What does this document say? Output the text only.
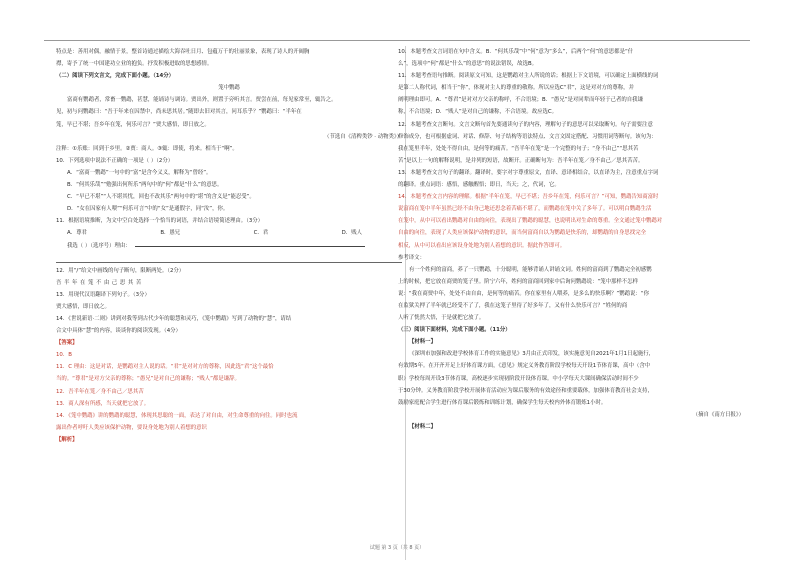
特点是：善用对偶，融情于景，整首诗通过描绘大海吞吐日月、包蕴万千的壮丽景象，表现了诗人的开阔胸
襟，寄予了统一中国建功立业的抱负。抒发积极进取的思想感情。
（二）阅读下列文言文，完成下面小题。（14分）
笼中鹦鹉
富商有鹦鹉者，常畜一鹦鹉，甚慧，能诵诗与调诗。贾出外，则置于旁听其言。贾尝在前，每见家常至，辄告之。
见，初与问鹦鹉曰：“吾于年来在囚禁中，尚未思其居。”随即去旧对其言，问耳乐乎？”鹦鹉曰：“半年在
笼，早已不堪；吾乡年在笼，何乐可言？”贾大感悟，即日放之。
（节选自《清稗类钞 · 动物类》）
注释：①乐账：回到于乡里。②贾：商人。③辄：即使，将来。相当于“啊”。
10．下列选项中说法不正确的一项是（ ）（2分）
A．“富商一鹦鹉”一句中的“富”是含今义义，解释为“曾经”。
B．“何其乐哉”“勉强出何所乐”两句中的“何”都是“什么”的意思。
C．“早已不堪”“人不堪其忧，回也不改其乐”两句中的“堪”的含义是“能忍受”。
D．“女在囚家有人喂”“何乐可言”中的“女”是通假字，同“汝”，你。
11．根据语境推断，为文中空白处选择一个恰当的词语，并结合语境简述理由。（3分）
A．尊君	B．愚兄	C．君	D．贱人
我选（ ）（选序号）理由：
12．用“/”给文中画线的句子断句，限断两处。（2分）
吾半年在笼不由己思其苦
13．用现代汉语翻译下列句子。（3分）
贾大感悟，即日放之。
14．《世说新语·二则》讲到对我等到古代少年的聪慧和灵巧，《笼中鹦鹉》写到了动物的“慧”，请结
合文中具体“慧”的内容，谈谈你的阅读发现。（4分）
【答案】
10．B
11．C 理由：这是对话，是鹦鹉对主人说的话。“君”是对对方的尊称，因此选“君”这个最恰
当的。“尊君”是对方父亲的尊称；“愚兄”是对自己的谦称；“贱人”都是谦辞。
12．吾半年在笼／身不由己／思其苦
13．商人深有所感，当天就把它放了。
14．《笼中鹦鹉》讲的鹦鹉的聪慧，体现其思聪的一面，表达了对自由，对生命尊重的向往。同时也流
露出作者呼吁人类应该保护动物，要设身处地为别人着想的意识
【解析】
10．本题考查文言词语在句中含义。B．“何其乐哉”中“何”意为“多么”，后两个“何”的意思都是“什
么”，选项中“何”都是“什么”的意思”的说法错误，故选B。
11．本题考查语句推断。阅读原文可知，这是鹦鹉对主人所说的话；根据上下文语境，可以确定上面横线的词
是第二人称代词，相当于“你”，体现对主人的尊重的敬称。所以应选C“君”，这是对对方的尊称，并
阐明理由即可。A．“尊君”是对对方父亲的称呼，不合语境；B．“愚兄”是对同辈而年轻于己者的自我谦
称，不合语境；D．“贱人”是对自己的谦称，不合语境。故应选C。
12．本题考查文言断句。文言文断句首先要通读句子的内容，理解句子的意思可以采取断句。句子需要注意
修饰成分，也可根据虚词、对话、修辞、句子结构等语法特点、文言文固定搭配、习惯用词等断句。该句为：
我在笼里半年，处处不得自由，是何等的痛苦。“吾半年在笼”是一个完整的句子；“身不由己”“思其苦
苦”是以上一句的解释说明，是并列的短语，故断开。正确断句为：吾半年在笼／身不由己／思其苦苦。
13．本题考查文言句子的翻译。翻译时，要字对字尊重原文，直译、意译相结合，以直译为主，注意重点字词
的翻译。重点词语：感悟，感触醒悟；即日，当天；之，代词，它。
14．本题考查文言内容的理解。根据“半年在笼，早已不堪；吾乡年在笼，何乐可言？”可知，鹦鹉告知商富时
说富商在笼中半年虽然已经不由身己地还思念着苦痛不堪了，而鹦鹉在笼中关了多年了。可以明白鹦鹉生活
在笼中，从中可以看出鹦鹉对自由的向往，表现出了鹦鹉的聪慧，也说明出对生命的尊重。全文通过笼中鹦鹉对
自由的向往，表现了人类应该保护动物的意识，而当何富商自以为鹦鹉是快乐的，却鹦鹉的自身思找完全
相反，从中可以看出应该设身处地为别人着想的意识。据此作答即可。
参考译文：
有一个姓何的富商，养了一只鹦鹉，十分聪明，能够背诵人讲诵文词。姓何的富商到了鹦鹉完全初感鹦
上的时候，把它放在商贾的笼子里。阶宁六年，姓何的富商回到家中后询问鹦鹉说：“笼中那样不怎样
说：“我在商贾中年，处处不由自由，是何等的痛苦。你在家里有人喂养，是多么的快乐啊？”鹦鹉说：“你
在监狱关押了半年就已经受不了了，我在这笼子里待了好多年了，又有什么快乐可言？”姓何的商
人听了恍然大悟，于是就把它放了。
（三）阅读下面材料，完成下面小题。（11分）
【材料一】
《深圳市加强和改进学校体育工作的实施意见》3月由正式印发，该实施意见自2021年1月1日起施行，
有效期5年。在开齐开足上好体育课方面，《意见》规定义务教育阶段学校每天开设1节体育课，高中（含中
职）学校每周开设3节体育课，高校逐步实现初阶段开设体育课。中小学每天大课间确保活动时间不少
于30分钟。义务教育阶段学校开展体育活动应为课后服务的有效途径和重要载体，加强体育教育社会支持，
鼓励家庭配合学生进行体育课后锻炼和训练计划，确保学生每天校内外体育锻炼1小时。
（摘自《南方日报》）
【材料二】
试题 第 3 页（共 8 页）
